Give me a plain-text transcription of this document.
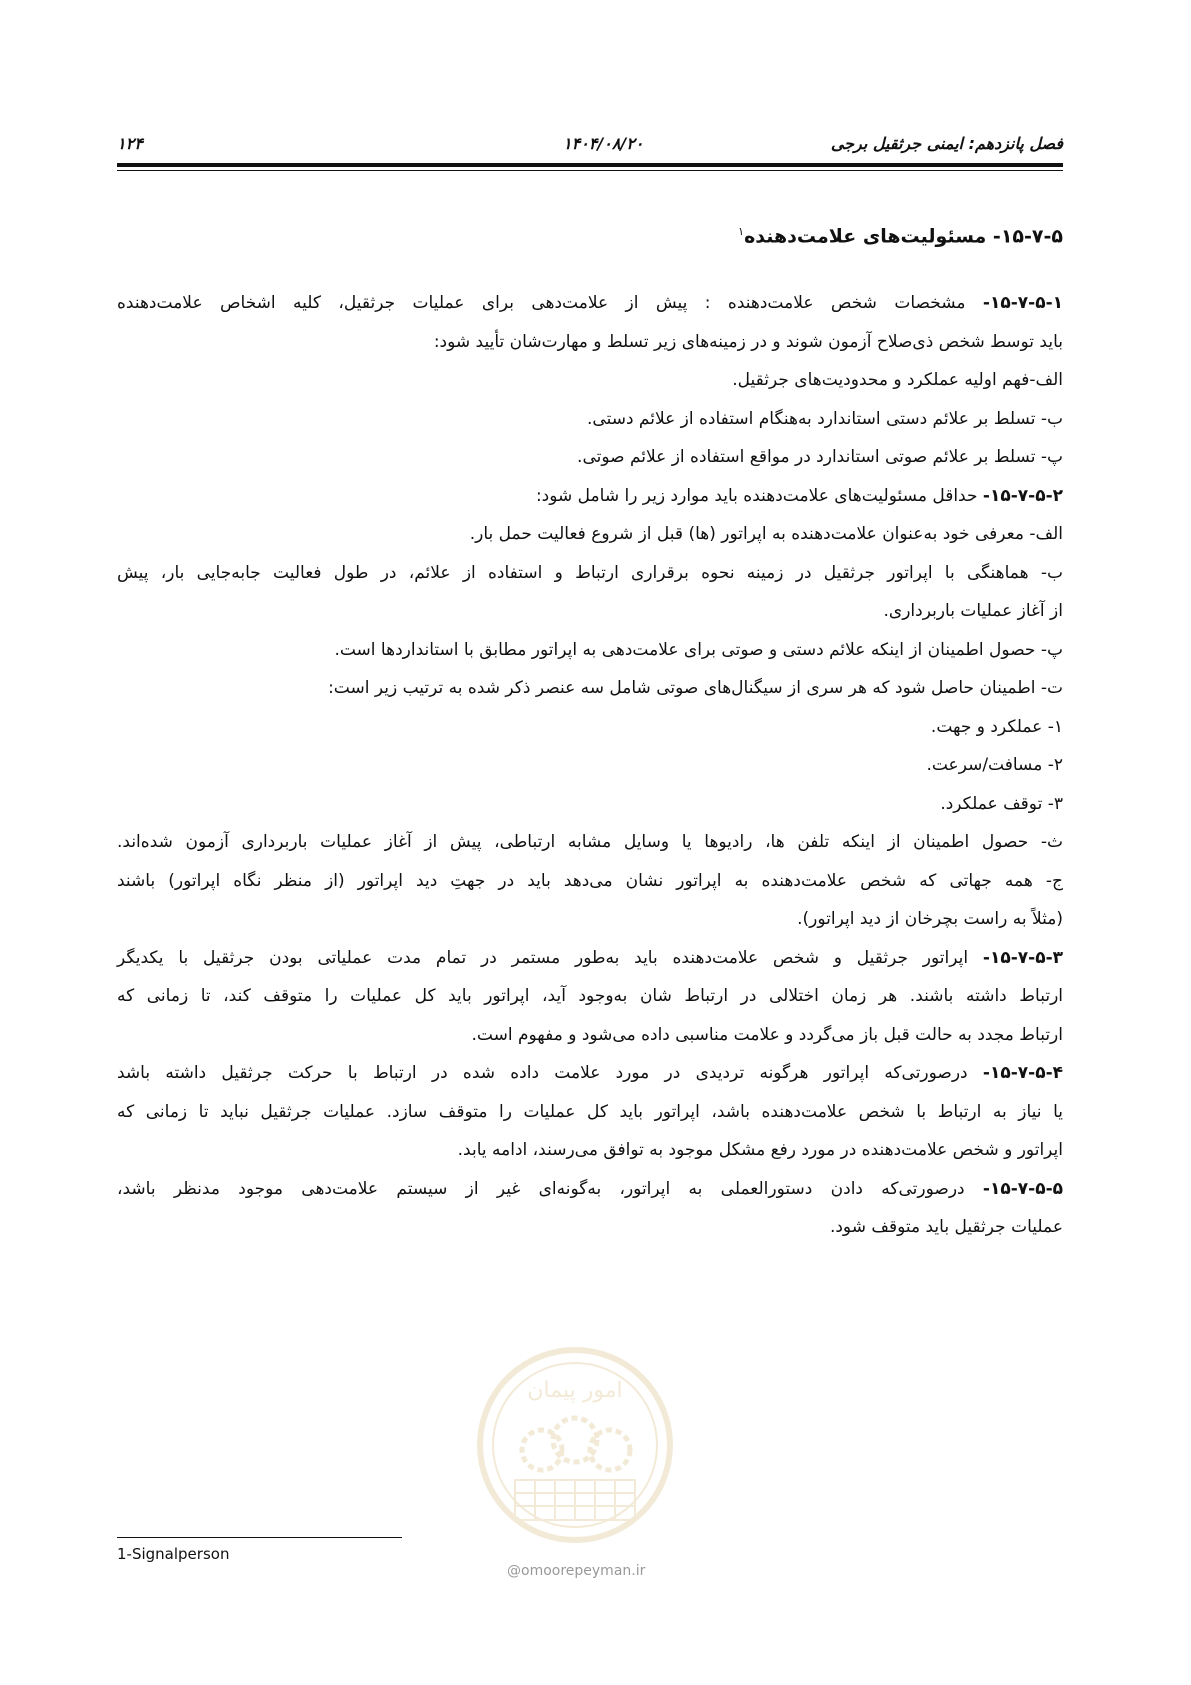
۱۲۴	۱۴۰۴/۰۸/۲۰	فصل پانزدهم: ایمنی جرثقیل برجی
۱۵-۷-۵- مسئولیت‌های علامت‌دهنده$^۱$
۱۵-۷-۵-۱- مشخصات شخص علامت‌دهنده : پیش از علامت‌دهی برای عملیات جرثقیل، کلیه اشخاص علامت‌دهنده
باید توسط شخص ذی‌صلاح آزمون شوند و در زمینه‌های زیر تسلط و مهارت‌شان تأیید شود:
الف-فهم اولیه عملکرد و محدودیت‌های جرثقیل.
ب- تسلط بر علائم دستی استاندارد به‌هنگام استفاده از علائم دستی.
پ- تسلط بر علائم صوتی استاندارد در مواقع استفاده از علائم صوتی.
۱۵-۷-۵-۲- حداقل مسئولیت‌های علامت‌دهنده باید موارد زیر را شامل شود:
الف- معرفی خود به‌عنوان علامت‌دهنده به اپراتور (ها) قبل از شروع فعالیت حمل بار.
ب- هماهنگی با اپراتور جرثقیل در زمینه نحوه برقراری ارتباط و استفاده از علائم، در طول فعالیت جابه‌جایی بار، پیش
از آغاز عملیات باربرداری.
پ- حصول اطمینان از اینکه علائم دستی و صوتی برای علامت‌دهی به اپراتور مطابق با استانداردها است.
ت- اطمینان حاصل شود که هر سری از سیگنال‌های صوتی شامل سه عنصر ذکر شده به ترتیب زیر است:
۱- عملکرد و جهت.
۲- مسافت/سرعت.
۳- توقف عملکرد.
ث- حصول اطمینان از اینکه تلفن ها، رادیوها یا وسایل مشابه ارتباطی، پیش از آغاز عملیات باربرداری آزمون شده‌اند.
ج- همه جهاتی که شخص علامت‌دهنده به اپراتور نشان می‌دهد باید در جهتِ دید اپراتور (از منظر نگاه اپراتور) باشند
(مثلاً به راست بچرخان از دید اپراتور).
۱۵-۷-۵-۳- اپراتور جرثقیل و شخص علامت‌دهنده باید به‌طور مستمر در تمام مدت عملیاتی بودن جرثقیل با یکدیگر
ارتباط داشته باشند. هر زمان اختلالی در ارتباط شان به‌وجود آید، اپراتور باید کل عملیات را متوقف کند، تا زمانی که
ارتباط مجدد به حالت قبل باز می‌گردد و علامت مناسبی داده می‌شود و مفهوم است.
۱۵-۷-۵-۴- درصورتی‌که اپراتور هرگونه تردیدی در مورد علامت داده شده در ارتباط با حرکت جرثقیل داشته باشد
یا نیاز به ارتباط با شخص علامت‌دهنده باشد، اپراتور باید کل عملیات را متوقف سازد. عملیات جرثقیل نباید تا زمانی که
اپراتور و شخص علامت‌دهنده در مورد رفع مشکل موجود به توافق می‌رسند، ادامه یابد.
۱۵-۷-۵-۵- درصورتی‌که دادن دستورالعملی به اپراتور، به‌گونه‌ای غیر از سیستم علامت‌دهی موجود مدنظر باشد،
عملیات جرثقیل باید متوقف شود.
امور پیمان
@omoorepeyman.ir
1-Signalperson
